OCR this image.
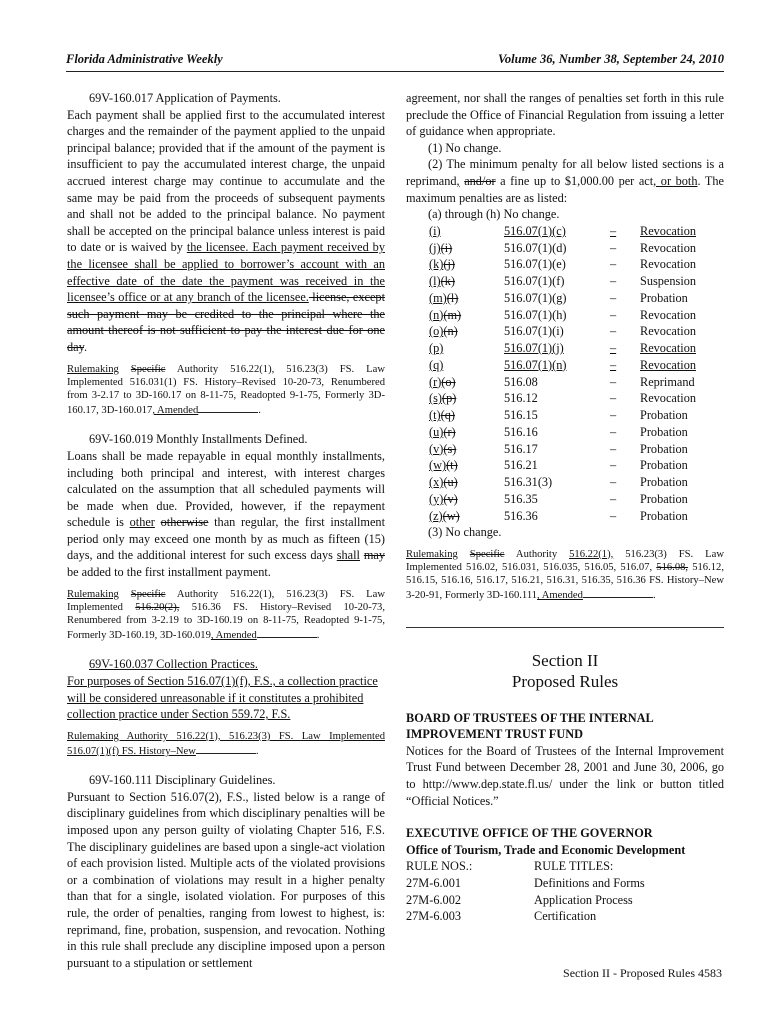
Florida Administrative Weekly	Volume 36, Number 38, September 24, 2010

69V-160.017 Application of Payments.

Each payment shall be applied first to the accumulated interest charges and the remainder of the payment applied to the unpaid principal balance; provided that if the amount of the payment is insufficient to pay the accumulated interest charge, the unpaid accrued interest charge may continue to accumulate and the same may be paid from the proceeds of subsequent payments and shall not be added to the principal balance. No payment shall be accepted on the principal balance unless interest is paid to date or is waived by the licensee. Each payment received by the licensee shall be applied to borrower’s account with an effective date of the date the payment was received in the licensee’s office or at any branch of the licensee. license, except such payment may be credited to the principal where the amount thereof is not sufficient to pay the interest due for one day.

Rulemaking Specific Authority 516.22(1), 516.23(3) FS. Law Implemented 516.031(1) FS. History–Revised 10-20-73, Renumbered from 3-2.17 to 3D-160.17 on 8-11-75, Readopted 9-1-75, Formerly 3D-160.17, 3D-160.017, Amended	.

69V-160.019 Monthly Installments Defined.

Loans shall be made repayable in equal monthly installments, including both principal and interest, with interest charges calculated on the assumption that all scheduled payments will be made when due. Provided, however, if the repayment schedule is other otherwise than regular, the first installment period only may exceed one month by as much as fifteen (15) days, and the additional interest for such excess days shall may be added to the first installment payment.

Rulemaking Specific Authority 516.22(1), 516.23(3) FS. Law Implemented 516.20(2), 516.36 FS. History–Revised 10-20-73, Renumbered from 3-2.19 to 3D-160.19 on 8-11-75, Readopted 9-1-75, Formerly 3D-160.19, 3D-160.019, Amended	.

69V-160.037 Collection Practices.

For purposes of Section 516.07(1)(f), F.S., a collection practice will be considered unreasonable if it constitutes a prohibited collection practice under Section 559.72, F.S.

Rulemaking Authority 516.22(1), 516.23(3) FS. Law Implemented 516.07(1)(f) FS. History–New	.

69V-160.111 Disciplinary Guidelines.

Pursuant to Section 516.07(2), F.S., listed below is a range of disciplinary guidelines from which disciplinary penalties will be imposed upon any person guilty of violating Chapter 516, F.S. The disciplinary guidelines are based upon a single-act violation of each provision listed. Multiple acts of the violated provisions or a combination of violations may result in a higher penalty than that for a single, isolated violation. For purposes of this rule, the order of penalties, ranging from lowest to highest, is: reprimand, fine, probation, suspension, and revocation. Nothing in this rule shall preclude any discipline imposed upon a person pursuant to a stipulation or settlement

agreement, nor shall the ranges of penalties set forth in this rule preclude the Office of Financial Regulation from issuing a letter of guidance when appropriate.

(1) No change.

(2) The minimum penalty for all below listed sections is a reprimand, and/or a fine up to $1,000.00 per act, or both. The maximum penalties are as listed:

(a) through (h) No change.

(i)	516.07(1)(c)	–	Revocation
(j)(i)	516.07(1)(d)	–	Revocation
(k)(j)	516.07(1)(e)	–	Revocation
(l)(k)	516.07(1)(f)	–	Suspension
(m)(l)	516.07(1)(g)	–	Probation
(n)(m)	516.07(1)(h)	–	Revocation
(o)(n)	516.07(1)(i)	–	Revocation
(p)	516.07(1)(j)	–	Revocation
(q)	516.07(1)(n)	–	Revocation
(r)(o)	516.08	–	Reprimand
(s)(p)	516.12	–	Revocation
(t)(q)	516.15	–	Probation
(u)(r)	516.16	–	Probation
(v)(s)	516.17	–	Probation
(w)(t)	516.21	–	Probation
(x)(u)	516.31(3)	–	Probation
(y)(v)	516.35	–	Probation
(z)(w)	516.36	–	Probation

(3) No change.

Rulemaking Specific Authority 516.22(1), 516.23(3) FS. Law Implemented 516.02, 516.031, 516.035, 516.05, 516.07, 516.08, 516.12, 516.15, 516.16, 516.17, 516.21, 516.31, 516.35, 516.36 FS. History–New 3-20-91, Formerly 3D-160.111, Amended	.

Section II
Proposed Rules

BOARD OF TRUSTEES OF THE INTERNAL IMPROVEMENT TRUST FUND

Notices for the Board of Trustees of the Internal Improvement Trust Fund between December 28, 2001 and June 30, 2006, go to http://www.dep.state.fl.us/ under the link or button titled “Official Notices.”

EXECUTIVE OFFICE OF THE GOVERNOR

Office of Tourism, Trade and Economic Development

RULE NOS.:	RULE TITLES:
27M-6.001	Definitions and Forms
27M-6.002	Application Process
27M-6.003	Certification
Section II - Proposed Rules 4583
